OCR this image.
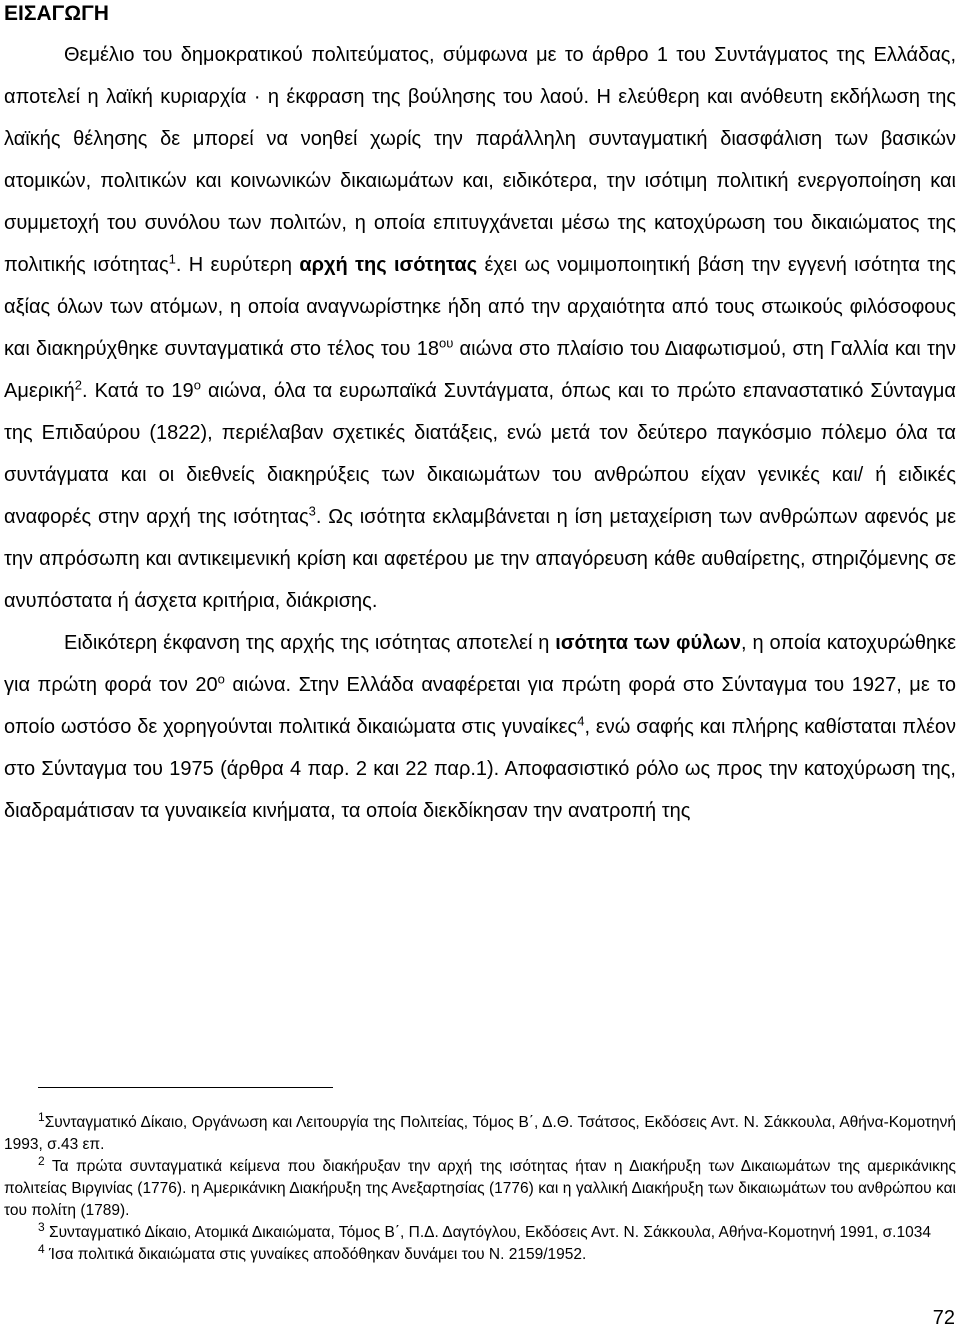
ΕΙΣΑΓΩΓΗ

Θεμέλιο του δημοκρατικού πολιτεύματος, σύμφωνα με το άρθρο 1 του Συντάγματος της Ελλάδας, αποτελεί η λαϊκή κυριαρχία · η έκφραση της βούλησης του λαού. Η ελεύθερη και ανόθευτη εκδήλωση της λαϊκής θέλησης δε μπορεί να νοηθεί χωρίς την παράλληλη συνταγματική διασφάλιση των βασικών ατομικών, πολιτικών και κοινωνικών δικαιωμάτων και, ειδικότερα, την ισότιμη πολιτική ενεργοποίηση και συμμετοχή του συνόλου των πολιτών, η οποία επιτυγχάνεται μέσω της κατοχύρωση του δικαιώματος της πολιτικής ισότητας$^1$. Η ευρύτερη αρχή της ισότητας έχει ως νομιμοποιητική βάση την εγγενή ισότητα της αξίας όλων των ατόμων, η οποία αναγνωρίστηκε ήδη από την αρχαιότητα από τους στωικούς φιλόσοφους και διακηρύχθηκε συνταγματικά στο τέλος του $18^{o\upsilon}$ αιώνα στο πλαίσιο του Διαφωτισμού, στη Γαλλία και την Αμερική$^2$. Κατά το $19^o$ αιώνα, όλα τα ευρωπαϊκά Συντάγματα, όπως και το πρώτο επαναστατικό Σύνταγμα της Επιδαύρου (1822), περιέλαβαν σχετικές διατάξεις, ενώ μετά τον δεύτερο παγκόσμιο πόλεμο όλα τα συντάγματα και οι διεθνείς διακηρύξεις των δικαιωμάτων του ανθρώπου είχαν γενικές και/ ή ειδικές αναφορές στην αρχή της ισότητας$^3$. Ως ισότητα εκλαμβάνεται η ίση μεταχείριση των ανθρώπων αφενός με την απρόσωπη και αντικειμενική κρίση και αφετέρου με την απαγόρευση κάθε αυθαίρετης, στηριζόμενης σε ανυπόστατα ή άσχετα κριτήρια, διάκρισης.

Ειδικότερη έκφανση της αρχής της ισότητας αποτελεί η ισότητα των φύλων, η οποία κατοχυρώθηκε για πρώτη φορά τον $20^o$ αιώνα. Στην Ελλάδα αναφέρεται για πρώτη φορά στο Σύνταγμα του 1927, με το οποίο ωστόσο δε χορηγούνται πολιτικά δικαιώματα στις γυναίκες$^4$, ενώ σαφής και πλήρης καθίσταται πλέον στο Σύνταγμα του 1975 (άρθρα 4 παρ. 2 και 22 παρ.1). Αποφασιστικό ρόλο ως προς την κατοχύρωση της, διαδραμάτισαν τα γυναικεία κινήματα, τα οποία διεκδίκησαν την ανατροπή της

$^1$Συνταγματικό Δίκαιο, Οργάνωση και Λειτουργία της Πολιτείας, Τόμος Β΄, Δ.Θ. Τσάτσος, Εκδόσεις Αντ. Ν. Σάκκουλα, Αθήνα-Κομοτηνή 1993, σ.43 επ.

$^2$ Τα πρώτα συνταγματικά κείμενα που διακήρυξαν την αρχή της ισότητας ήταν η Διακήρυξη των Δικαιωμάτων της αμερικάνικης πολιτείας Βιργινίας (1776). η Αμερικάνικη Διακήρυξη της Ανεξαρτησίας (1776) και η γαλλική Διακήρυξη των δικαιωμάτων του ανθρώπου και του πολίτη (1789).

$^3$ Συνταγματικό Δίκαιο, Ατομικά Δικαιώματα, Τόμος Β΄, Π.Δ. Δαγτόγλου, Εκδόσεις Αντ. Ν. Σάκκουλα, Αθήνα-Κομοτηνή 1991, σ.1034

$^4$ Ίσα πολιτικά δικαιώματα στις γυναίκες αποδόθηκαν δυνάμει του Ν. 2159/1952.

72
